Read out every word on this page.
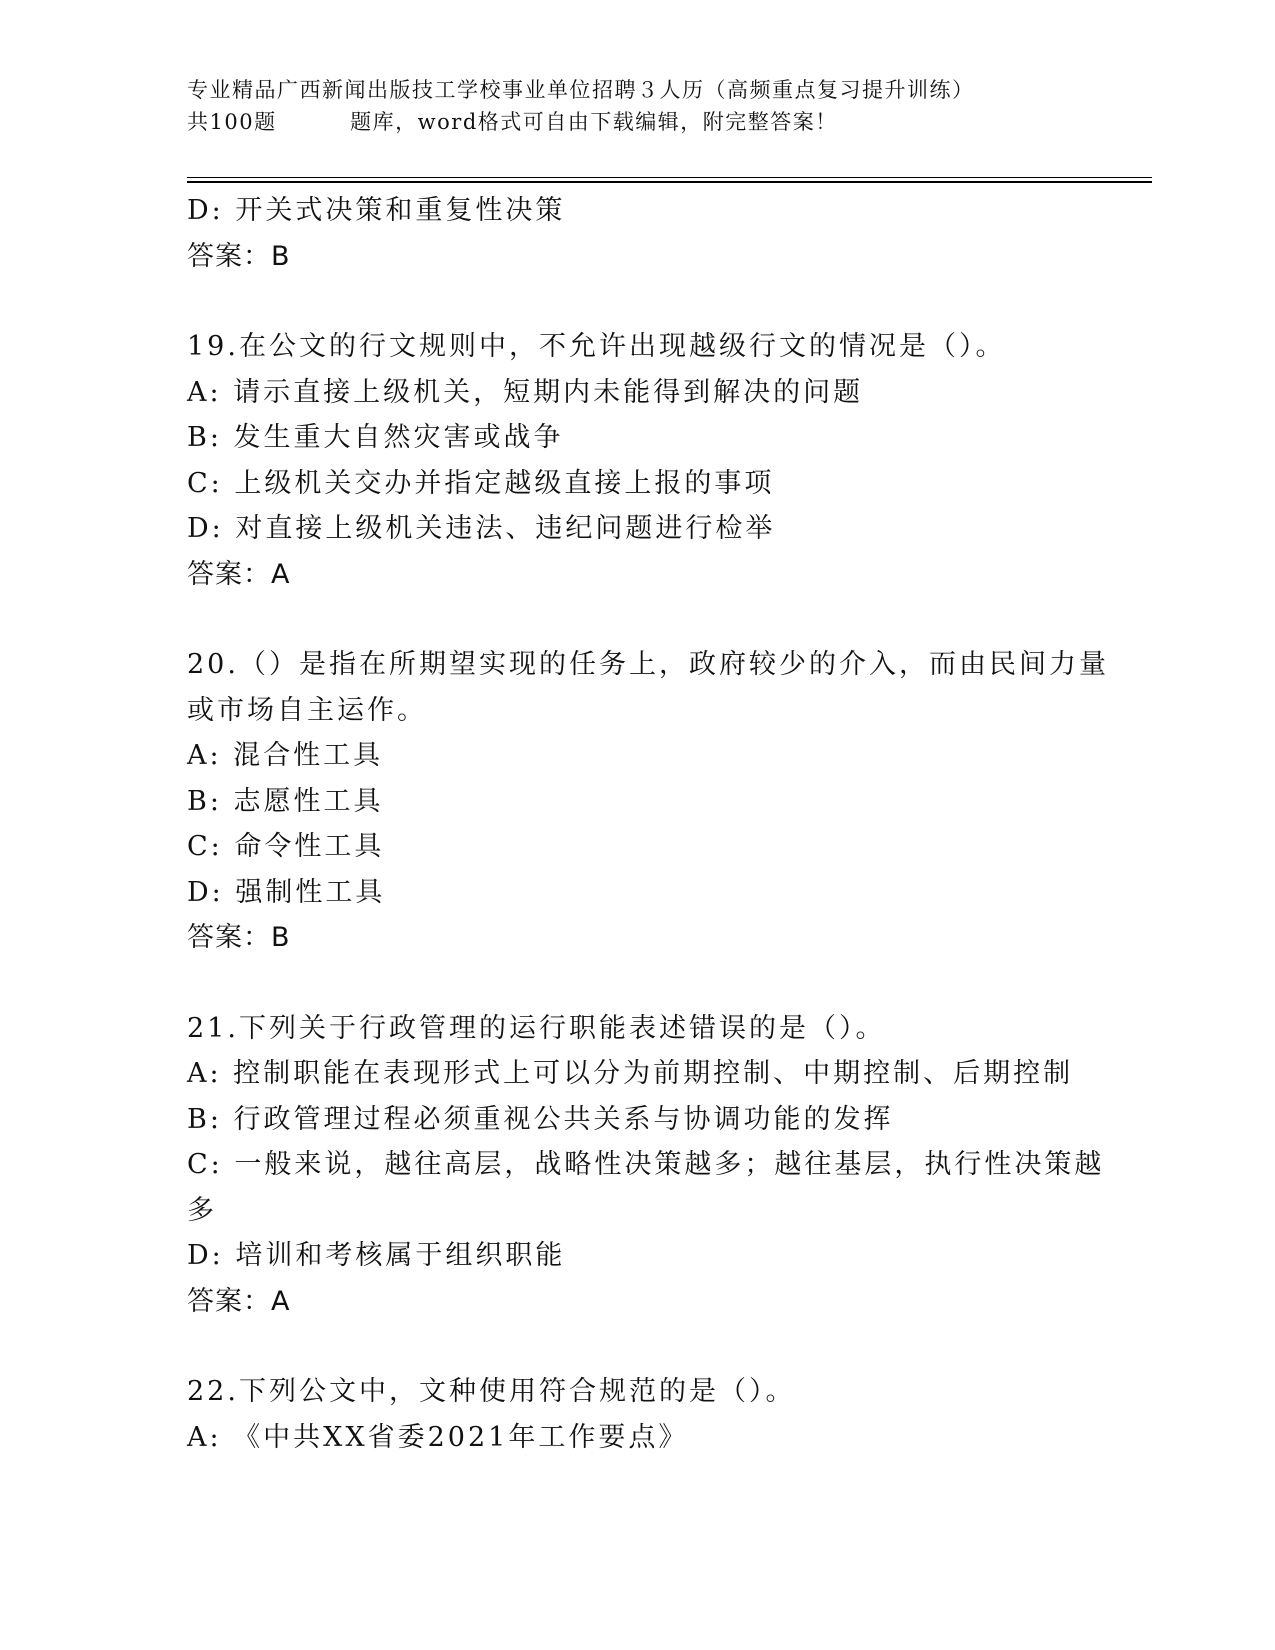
专业精品广西新闻出版技工学校事业单位招聘３人历（高频重点复习提升训练）
共100题         题库，word格式可自由下载编辑，附完整答案！
D: 开关式决策和重复性决策
答案：B
19.在公文的行文规则中，不允许出现越级行文的情况是（）。
A: 请示直接上级机关，短期内未能得到解决的问题
B: 发生重大自然灾害或战争
C: 上级机关交办并指定越级直接上报的事项
D: 对直接上级机关违法、违纪问题进行检举
答案：A
20.（）是指在所期望实现的任务上，政府较少的介入，而由民间力量
或市场自主运作。
A: 混合性工具
B: 志愿性工具
C: 命令性工具
D: 强制性工具
答案：B
21.下列关于行政管理的运行职能表述错误的是（）。
A: 控制职能在表现形式上可以分为前期控制、中期控制、后期控制
B: 行政管理过程必须重视公共关系与协调功能的发挥
C: 一般来说，越往高层，战略性决策越多；越往基层，执行性决策越
多
D: 培训和考核属于组织职能
答案：A
22.下列公文中，文种使用符合规范的是（）。
A: 《中共XX省委2021年工作要点》
